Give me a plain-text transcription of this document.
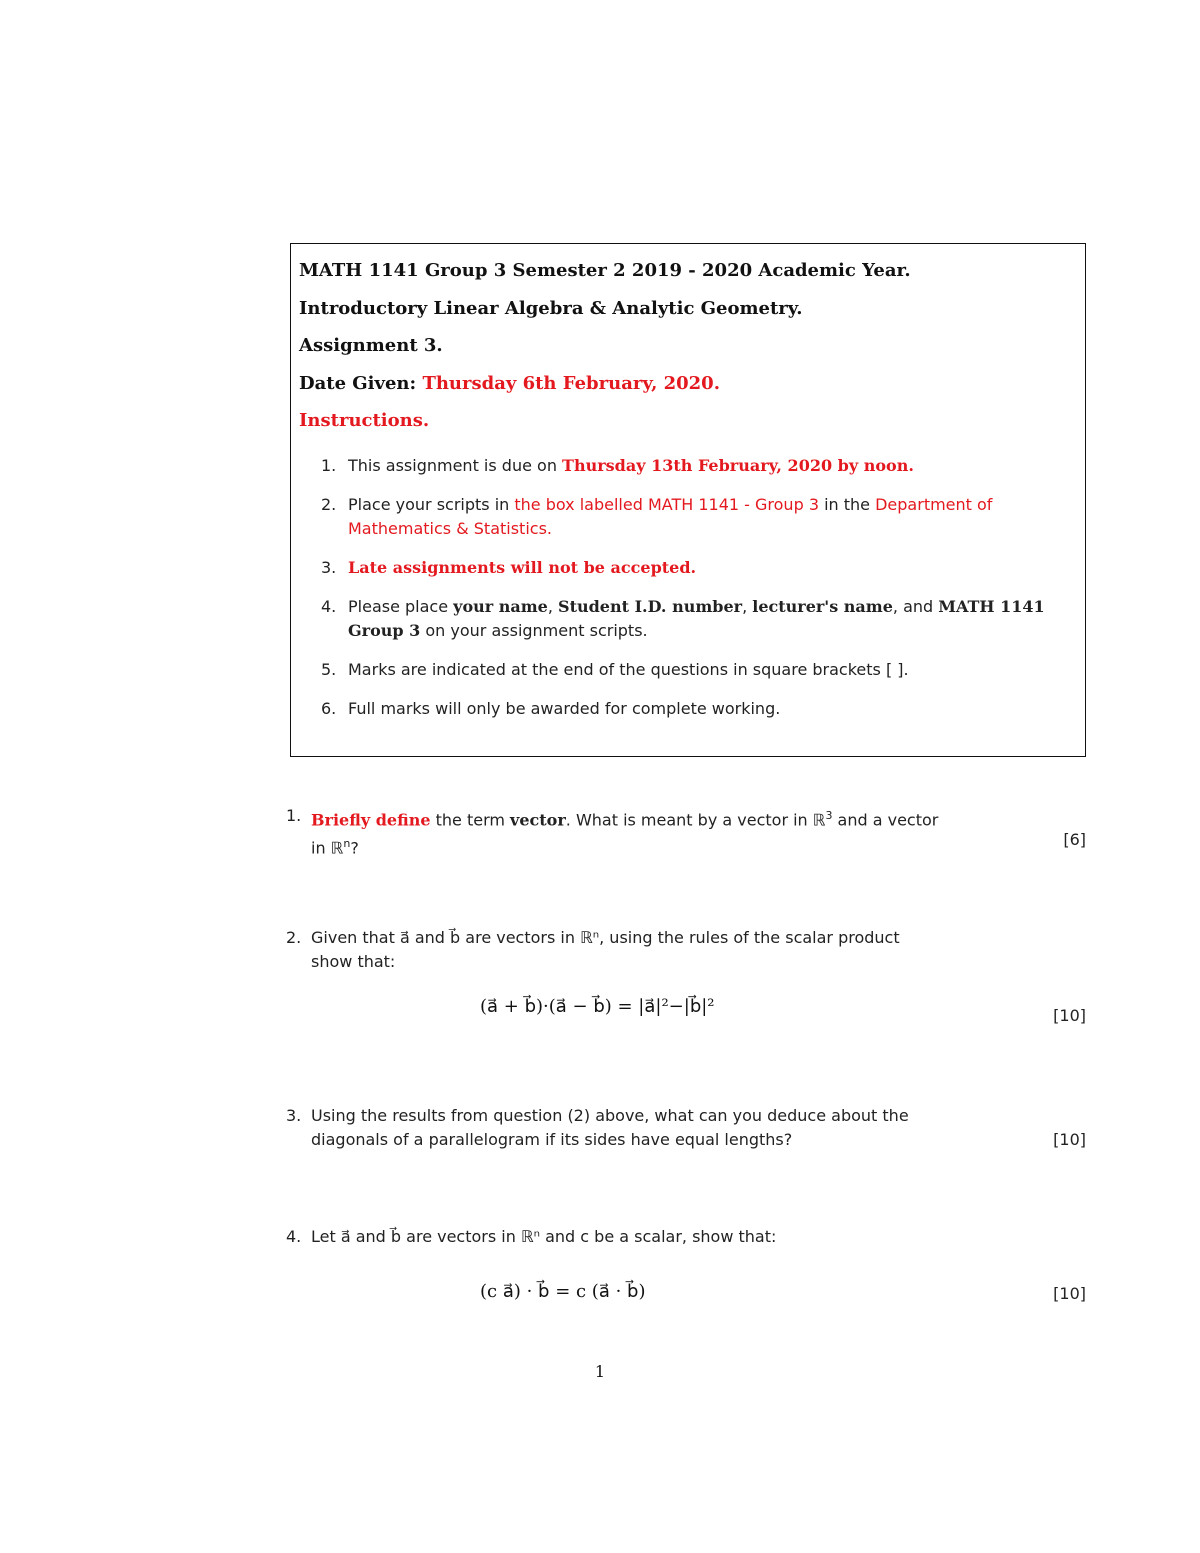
MATH 1141 Group 3 Semester 2 2019 - 2020 Academic Year.
Introductory Linear Algebra & Analytic Geometry.
Assignment 3.
Date Given: Thursday 6th February, 2020.
Instructions.
1. This assignment is due on Thursday 13th February, 2020 by noon.
2. Place your scripts in the box labelled MATH 1141 - Group 3 in the Department of Mathematics & Statistics.
3. Late assignments will not be accepted.
4. Please place your name, Student I.D. number, lecturer's name, and MATH 1141 Group 3 on your assignment scripts.
5. Marks are indicated at the end of the questions in square brackets [ ].
6. Full marks will only be awarded for complete working.
1. Briefly define the term vector. What is meant by a vector in ℝ$^3$ and a vector in ℝ$^n$?	[6]
2. Given that a⃗ and b⃗ are vectors in ℝⁿ, using the rules of the scalar product show that:
(a⃗ + b⃗)·(a⃗ − b⃗) = |a⃗|²−|b⃗|²	[10]
3. Using the results from question (2) above, what can you deduce about the diagonals of a parallelogram if its sides have equal lengths?	[10]
4. Let a⃗ and b⃗ are vectors in ℝⁿ and c be a scalar, show that:
(c a⃗) · b⃗ = c (a⃗ · b⃗)	[10]
1
